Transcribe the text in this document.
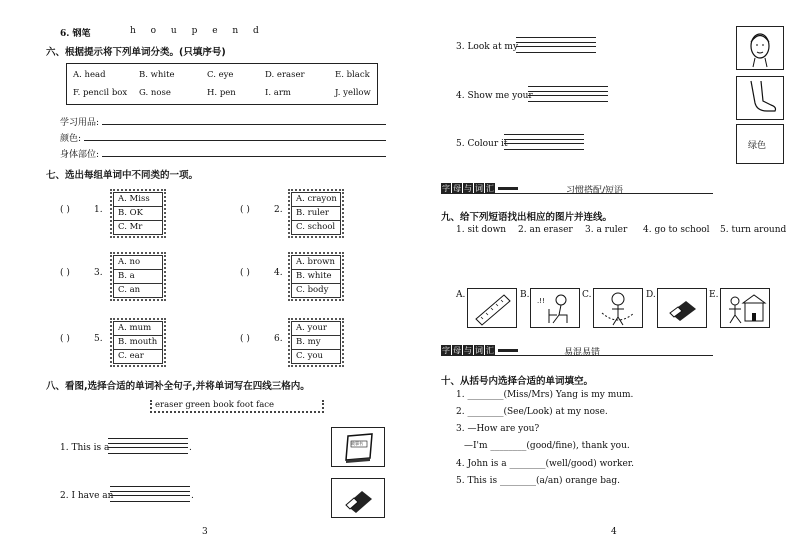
6. 钢笔	h o u p e n d
六、根据提示将下列单词分类。(只填序号)
A. head	B. white	C. eye	D. eraser	E. black
F. pencil box G. nose	H. pen	I. arm	J. yellow
学习用品:
颜色:
身体部位:
七、选出每组单词中不同类的一项。
( )	1.
A. Miss
B. OK
C. Mr
( )	2.
A. crayon
B. ruler
C. school
( )	3.
A. no
B. a
C. an
( )	4.
A. brown
B. white
C. body
( )	5.
A. mum
B. mouth
C. ear
( )	6.
A. your
B. my
C. you
八、看图,选择合适的单词补全句子,并将单词写在四线三格内。
eraser green book foot face
1. This is a	.	故事书
2. I have an	.
3
3. Look at my
4. Show me your
5. Colour it	绿色
字 母 与 词 汇	习惯搭配/短语
九、给下列短语找出相应的图片并连线。
1. sit down 2. an eraser 3. a ruler 4. go to school 5. turn around
A.	B.
.!!
C.	D.	E.
字 母 与 词 汇	易混易错
十、从括号内选择合适的单词填空。
1. ________(Miss/Mrs) Yang is my mum.
2. ________(See/Look) at my nose.
3. —How are you?
—I'm ________(good/fine), thank you.
4. John is a ________(well/good) worker.
5. This is ________(a/an) orange bag.
4
